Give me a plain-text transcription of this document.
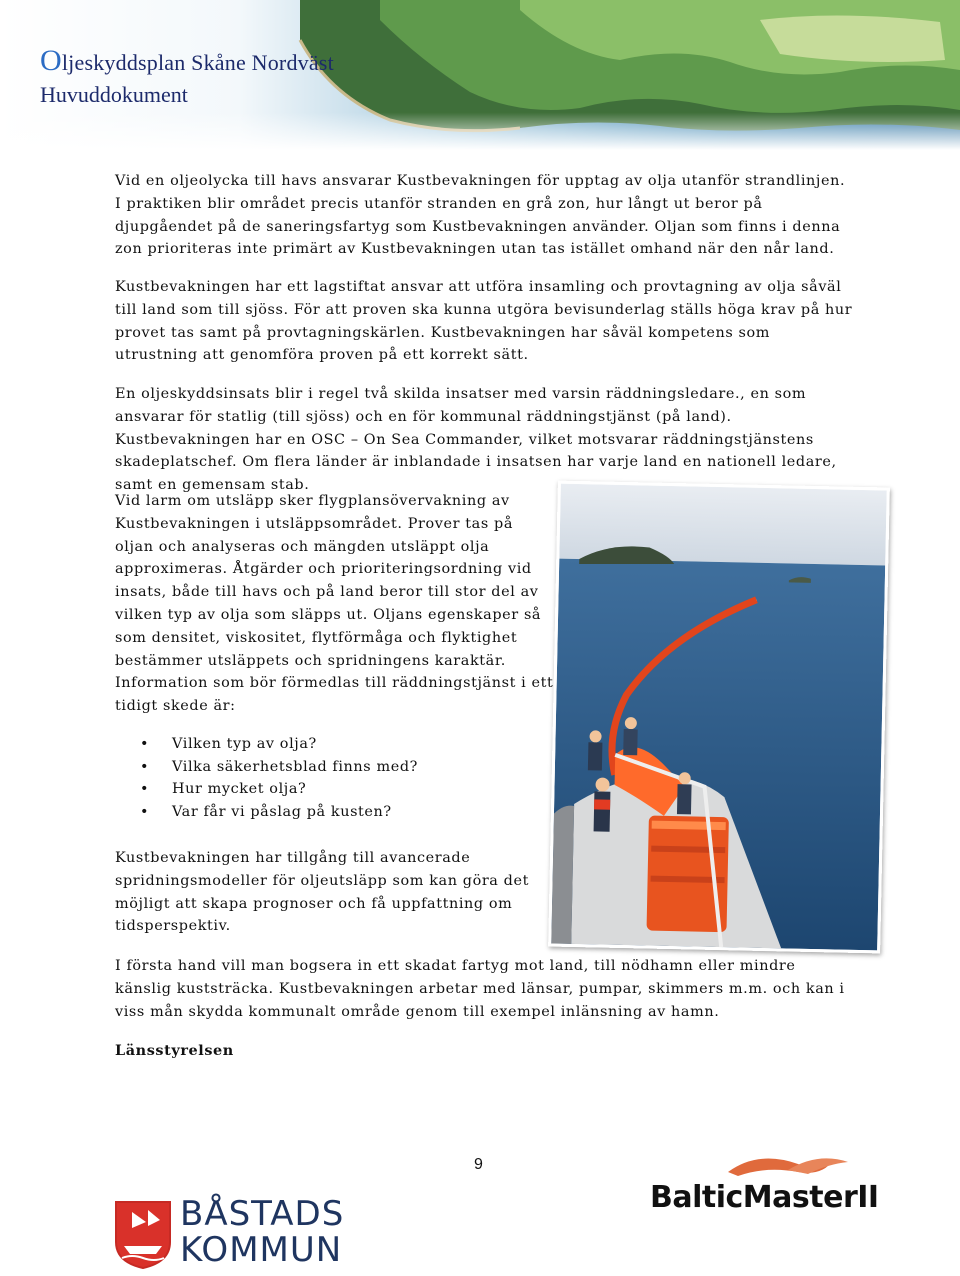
Oljeskyddsplan Skåne Nordväst
Huvuddokument

Vid en oljeolycka till havs ansvarar Kustbevakningen för upptag av olja utanför strandlinjen. I praktiken blir området precis utanför stranden en grå zon, hur långt ut beror på djupgåendet på de saneringsfartyg som Kustbevakningen använder. Oljan som finns i denna zon prioriteras inte primärt av Kustbevakningen utan tas istället omhand när den når land.

Kustbevakningen har ett lagstiftat ansvar att utföra insamling och provtagning av olja såväl till land som till sjöss. För att proven ska kunna utgöra bevisunderlag ställs höga krav på hur provet tas samt på provtagningskärlen. Kustbevakningen har såväl kompetens som utrustning att genomföra proven på ett korrekt sätt.

En oljeskyddsinsats blir i regel två skilda insatser med varsin räddningsledare., en som ansvarar för statlig (till sjöss) och en för kommunal räddningstjänst (på land). Kustbevakningen har en OSC – On Sea Commander, vilket motsvarar räddningstjänstens skadeplatschef. Om flera länder är inblandade i insatsen har varje land en nationell ledare, samt en gemensam stab.

Vid larm om utsläpp sker flygplansövervakning av Kustbevakningen i utsläppsområdet. Prover tas på oljan och analyseras och mängden utsläppt olja approximeras. Åtgärder och prioriteringsordning vid insats, både till havs och på land beror till stor del av vilken typ av olja som släpps ut. Oljans egenskaper så som densitet, viskositet, flytförmåga och flyktighet bestämmer utsläppets och spridningens karaktär. Information som bör förmedlas till räddningstjänst i ett tidigt skede är:

• Vilken typ av olja?
• Vilka säkerhetsblad finns med?
• Hur mycket olja?
• Var får vi påslag på kusten?

Kustbevakningen har tillgång till avancerade spridningsmodeller för oljeutsläpp som kan göra det möjligt att skapa prognoser och få uppfattning om tidsperspektiv.

I första hand vill man bogsera in ett skadat fartyg mot land, till nödhamn eller mindre känslig kuststräcka. Kustbevakningen arbetar med länsar, pumpar, skimmers m.m. och kan i viss mån skydda kommunalt område genom till exempel inlänsning av hamn.

Länsstyrelsen
9
BÅSTADS
KOMMUN
BalticMasterII
